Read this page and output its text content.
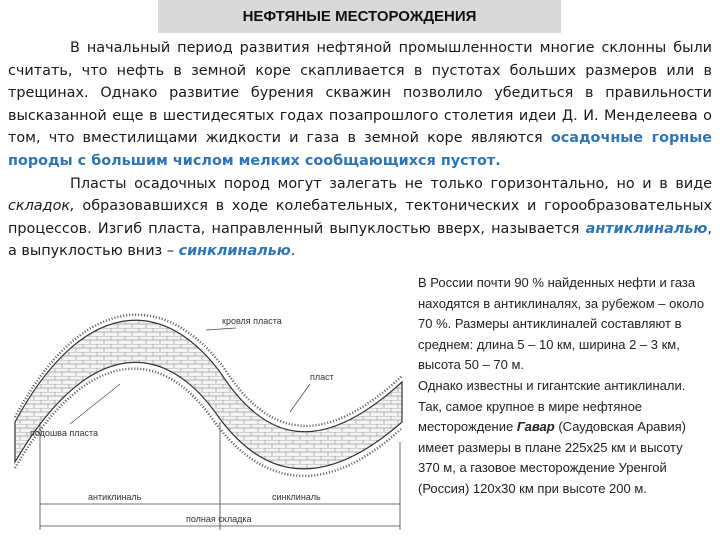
НЕФТЯНЫЕ МЕСТОРОЖДЕНИЯ

В начальный период развития нефтяной промышленности многие склонны были считать, что нефть в земной коре скапливается в пустотах больших размеров или в трещинах. Однако развитие бурения скважин позволило убедиться в правильности высказанной еще в шестидесятых годах позапрошлого столетия идеи Д. И. Менделеева о том, что вместилищами жидкости и газа в земной коре являются осадочные горные породы с большим числом мелких сообщающихся пустот.

Пласты осадочных пород могут залегать не только горизонтально, но и в виде складок, образовавшихся в ходе колебательных, тектонических и горообразовательных процессов. Изгиб пласта, направленный выпуклостью вверх, называется антиклиналью, а выпуклостью вниз – синклиналью.

кровля пласта
пласт
подошва пласта
антиклиналь	синклиналь
полная складка

В России почти 90 % найденных нефти и газа находятся в антиклиналях, за рубежом – около 70 %. Размеры антиклиналей составляют в среднем: длина 5 – 10 км, ширина 2 – 3 км, высота 50 – 70 м.

Однако известны и гигантские антиклинали. Так, самое крупное в мире нефтяное месторождение Гавар (Саудовская Аравия) имеет размеры в плане 225х25 км и высоту 370 м, а газовое месторождение Уренгой (Россия) 120х30 км при высоте 200 м.
